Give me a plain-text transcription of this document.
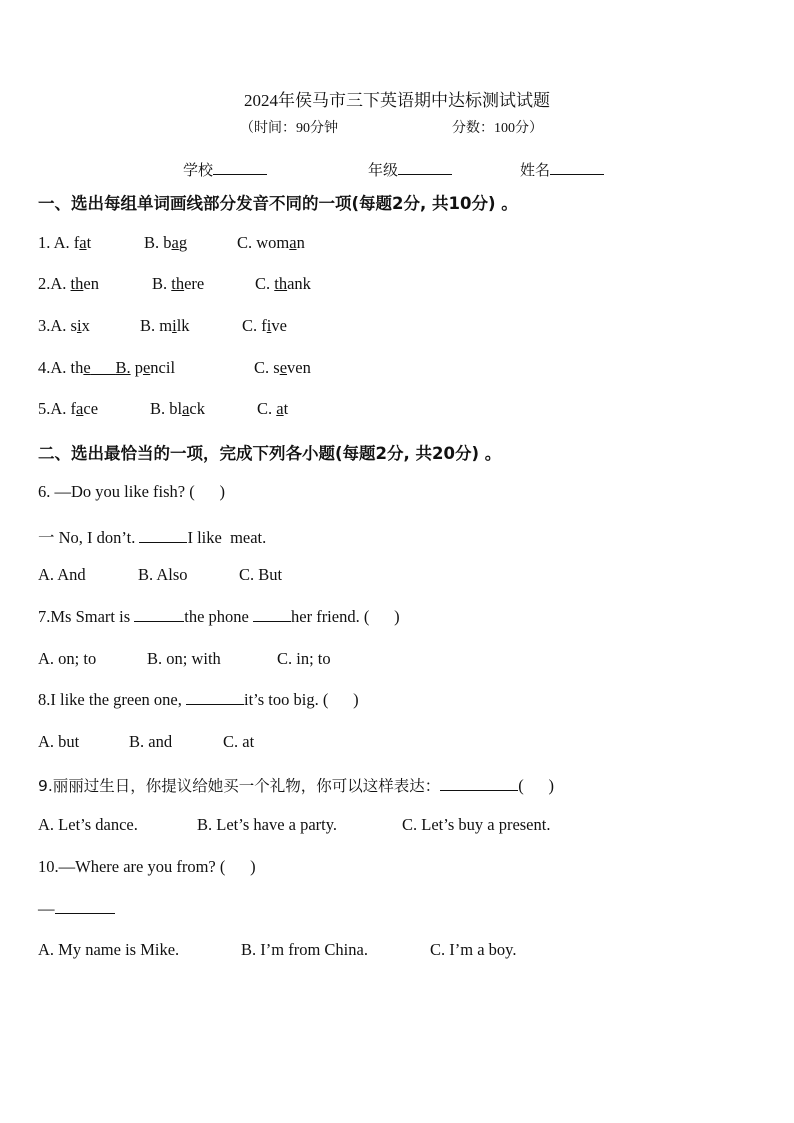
2024年侯马市三下英语期中达标测试试题
（时间：90分钟	分数：100分）
学校	年级	姓名
一、选出每组单词画线部分发音不同的一项(每题2分, 共10分) 。
1. A. fat	B. bag	C. woman
2.A. then	B. there	C. thank
3.A. six	B. milk	C. five
4.A. the B. pencil	C. seven
5.A. face	B. black	C. at
二、选出最恰当的一项，完成下列各小题(每题2分, 共20分) 。
6. —Do you like fish? (      )
一 No, I don’t.	I like  meat.
A. And	B. Also	C. But
7.Ms Smart is	the phone her friend. (      )
A. on; to	B. on; with	C. in; to
8.I like the green one,	it’s too big. (      )
A. but	B. and	C. at
9.丽丽过生日，你提议给她买一个礼物，你可以这样表达：	(      )
A. Let’s dance.	B. Let’s have a party.	C. Let’s buy a present.
10.—Where are you from? (      )
—
A. My name is Mike.	B. I’m from China.	C. I’m a boy.
